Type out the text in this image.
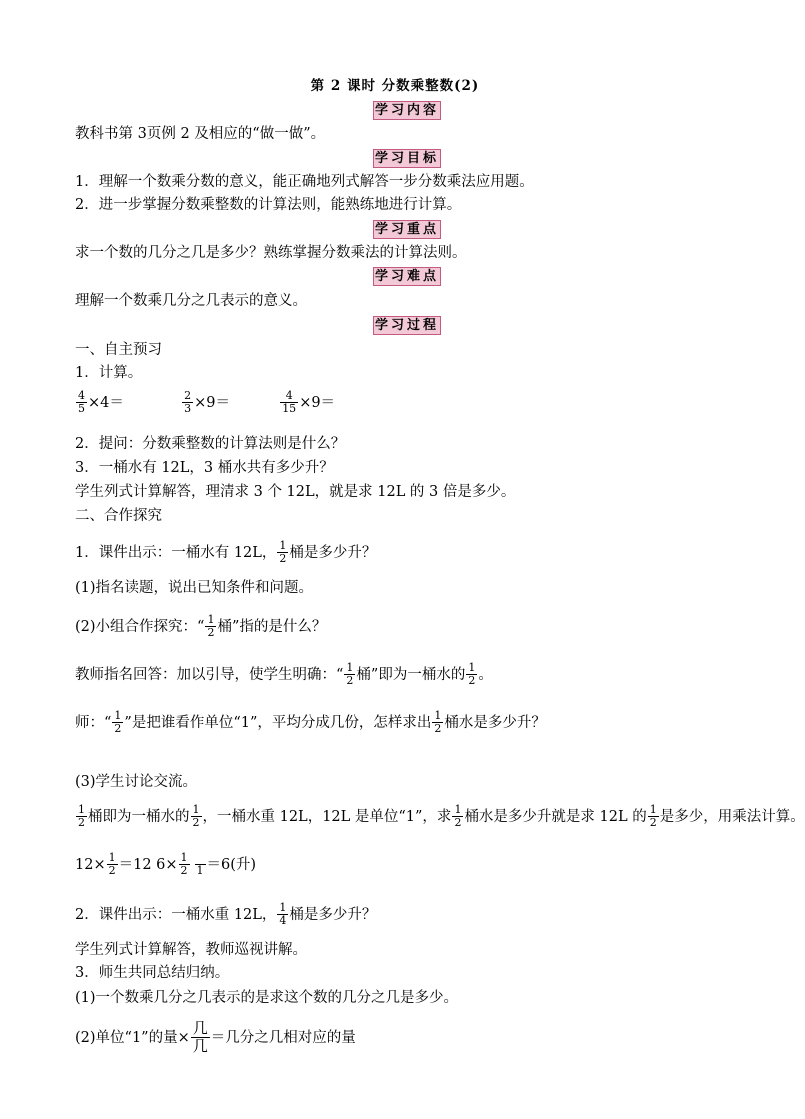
第 2 课时 分数乘整数(2)
学习内容
教科书第 3页例 2 及相应的“做一做”。
学习目标
1．理解一个数乘分数的意义，能正确地列式解答一步分数乘法应用题。
2．进一步掌握分数乘整数的计算法则，能熟练地进行计算。
学习重点
求一个数的几分之几是多少？熟练掌握分数乘法的计算法则。
学习难点
理解一个数乘几分之几表示的意义。
学习过程
一、自主预习
1．计算。
$\frac{4}{5} \times 4=$	$\frac{2}{3} \times 9=$	$\frac{4}{15} \times 9=$
2．提问：分数乘整数的计算法则是什么？
3．一桶水有 12L，3 桶水共有多少升？
学生列式计算解答，理清求 3 个 12L，就是求 12L 的 3 倍是多少。
二、合作探究
1．课件出示：一桶水有 12L， $\frac{1}{2}$ 桶是多少升？
(1)指名读题，说出已知条件和问题。
(2)小组合作探究：“ $\frac{1}{2}$ 桶”指的是什么？
教师指名回答：加以引导，使学生明确：“ $\frac{1}{2}$ 桶”即为一桶水的 $\frac{1}{2}$ 。
师：“ $\frac{1}{2}$ ”是把谁看作单位“1”，平均分成几份，怎样求出 $\frac{1}{2}$ 桶水是多少升？
(3)学生讨论交流。
$\frac{1}{2}$ 桶即为一桶水的 $\frac{1}{2}$ ，一桶水重 12L，12L 是单位“1”，求 $\frac{1}{2}$ 桶水是多少升就是求 12L 的 $\frac{1}{2}$ 是多少，用乘法计算。
$12\times \frac{1}{2} =12$ $6\times \frac{1}{2}$
1 ＝6(升)
2．课件出示：一桶水重 12L， $\frac{1}{4}$ 桶是多少升？
学生列式计算解答，教师巡视讲解。
3．师生共同总结归纳。
(1)一个数乘几分之几表示的是求这个数的几分之几是多少。
(2)单位“1”的量× $\frac{\text{几}}{\text{几}}$ ＝几分之几相对应的量
